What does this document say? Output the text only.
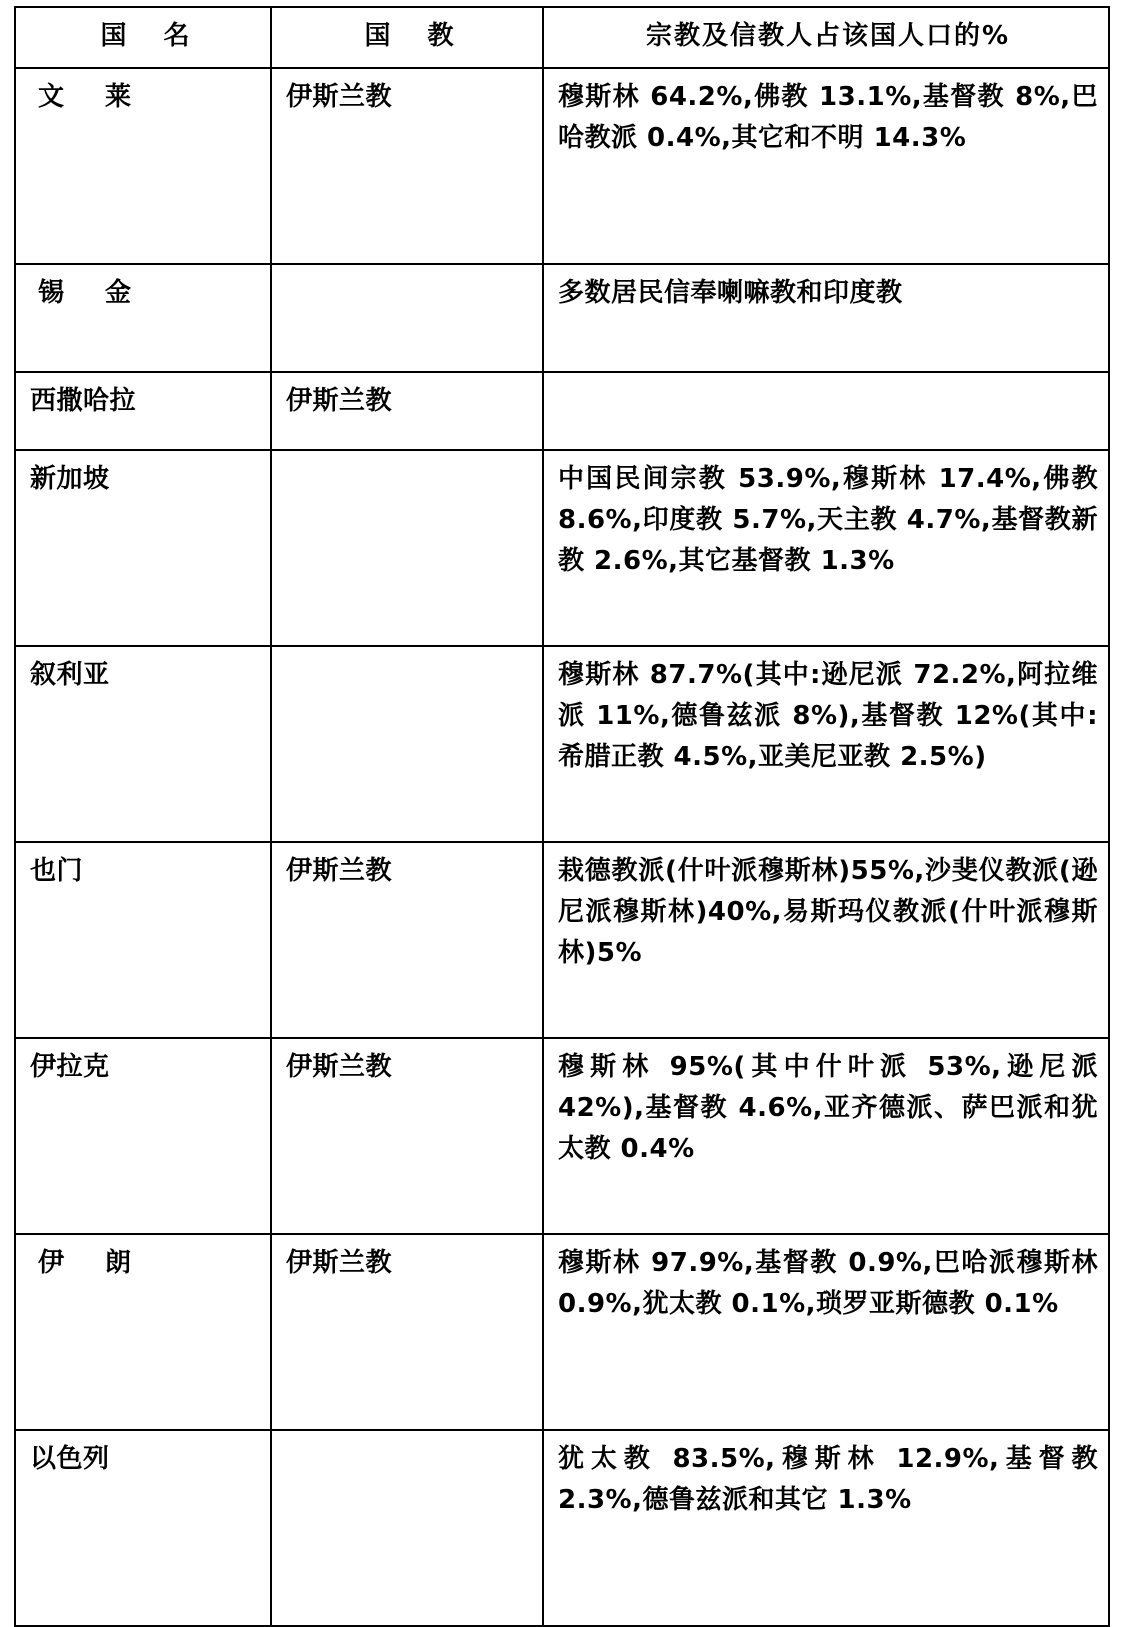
国 名	国 教	宗教及信教人占该国人口的%
文 莱	伊斯兰教	穆斯林 64.2%,佛教 13.1%,基督教 8%,巴哈教派 0.4%,其它和不明 14.3%
锡 金		多数居民信奉喇嘛教和印度教
西撒哈拉	伊斯兰教	
新加坡		中国民间宗教 53.9%,穆斯林 17.4%,佛教 8.6%,印度教 5.7%,天主教 4.7%,基督教新教 2.6%,其它基督教 1.3%
叙利亚		穆斯林 87.7%(其中:逊尼派 72.2%,阿拉维派 11%,德鲁兹派 8%),基督教 12%(其中:希腊正教 4.5%,亚美尼亚教 2.5%)
也门	伊斯兰教	栽德教派(什叶派穆斯林)55%,沙斐仪教派(逊尼派穆斯林)40%,易斯玛仪教派(什叶派穆斯林)5%
伊拉克	伊斯兰教	穆斯林 95%(其中什叶派 53%,逊尼派 42%),基督教 4.6%,亚齐德派、萨巴派和犹太教 0.4%
伊 朗	伊斯兰教	穆斯林 97.9%,基督教 0.9%,巴哈派穆斯林 0.9%,犹太教 0.1%,琐罗亚斯德教 0.1%
以色列		犹太教 83.5%,穆斯林 12.9%,基督教 2.3%,德鲁兹派和其它 1.3%
